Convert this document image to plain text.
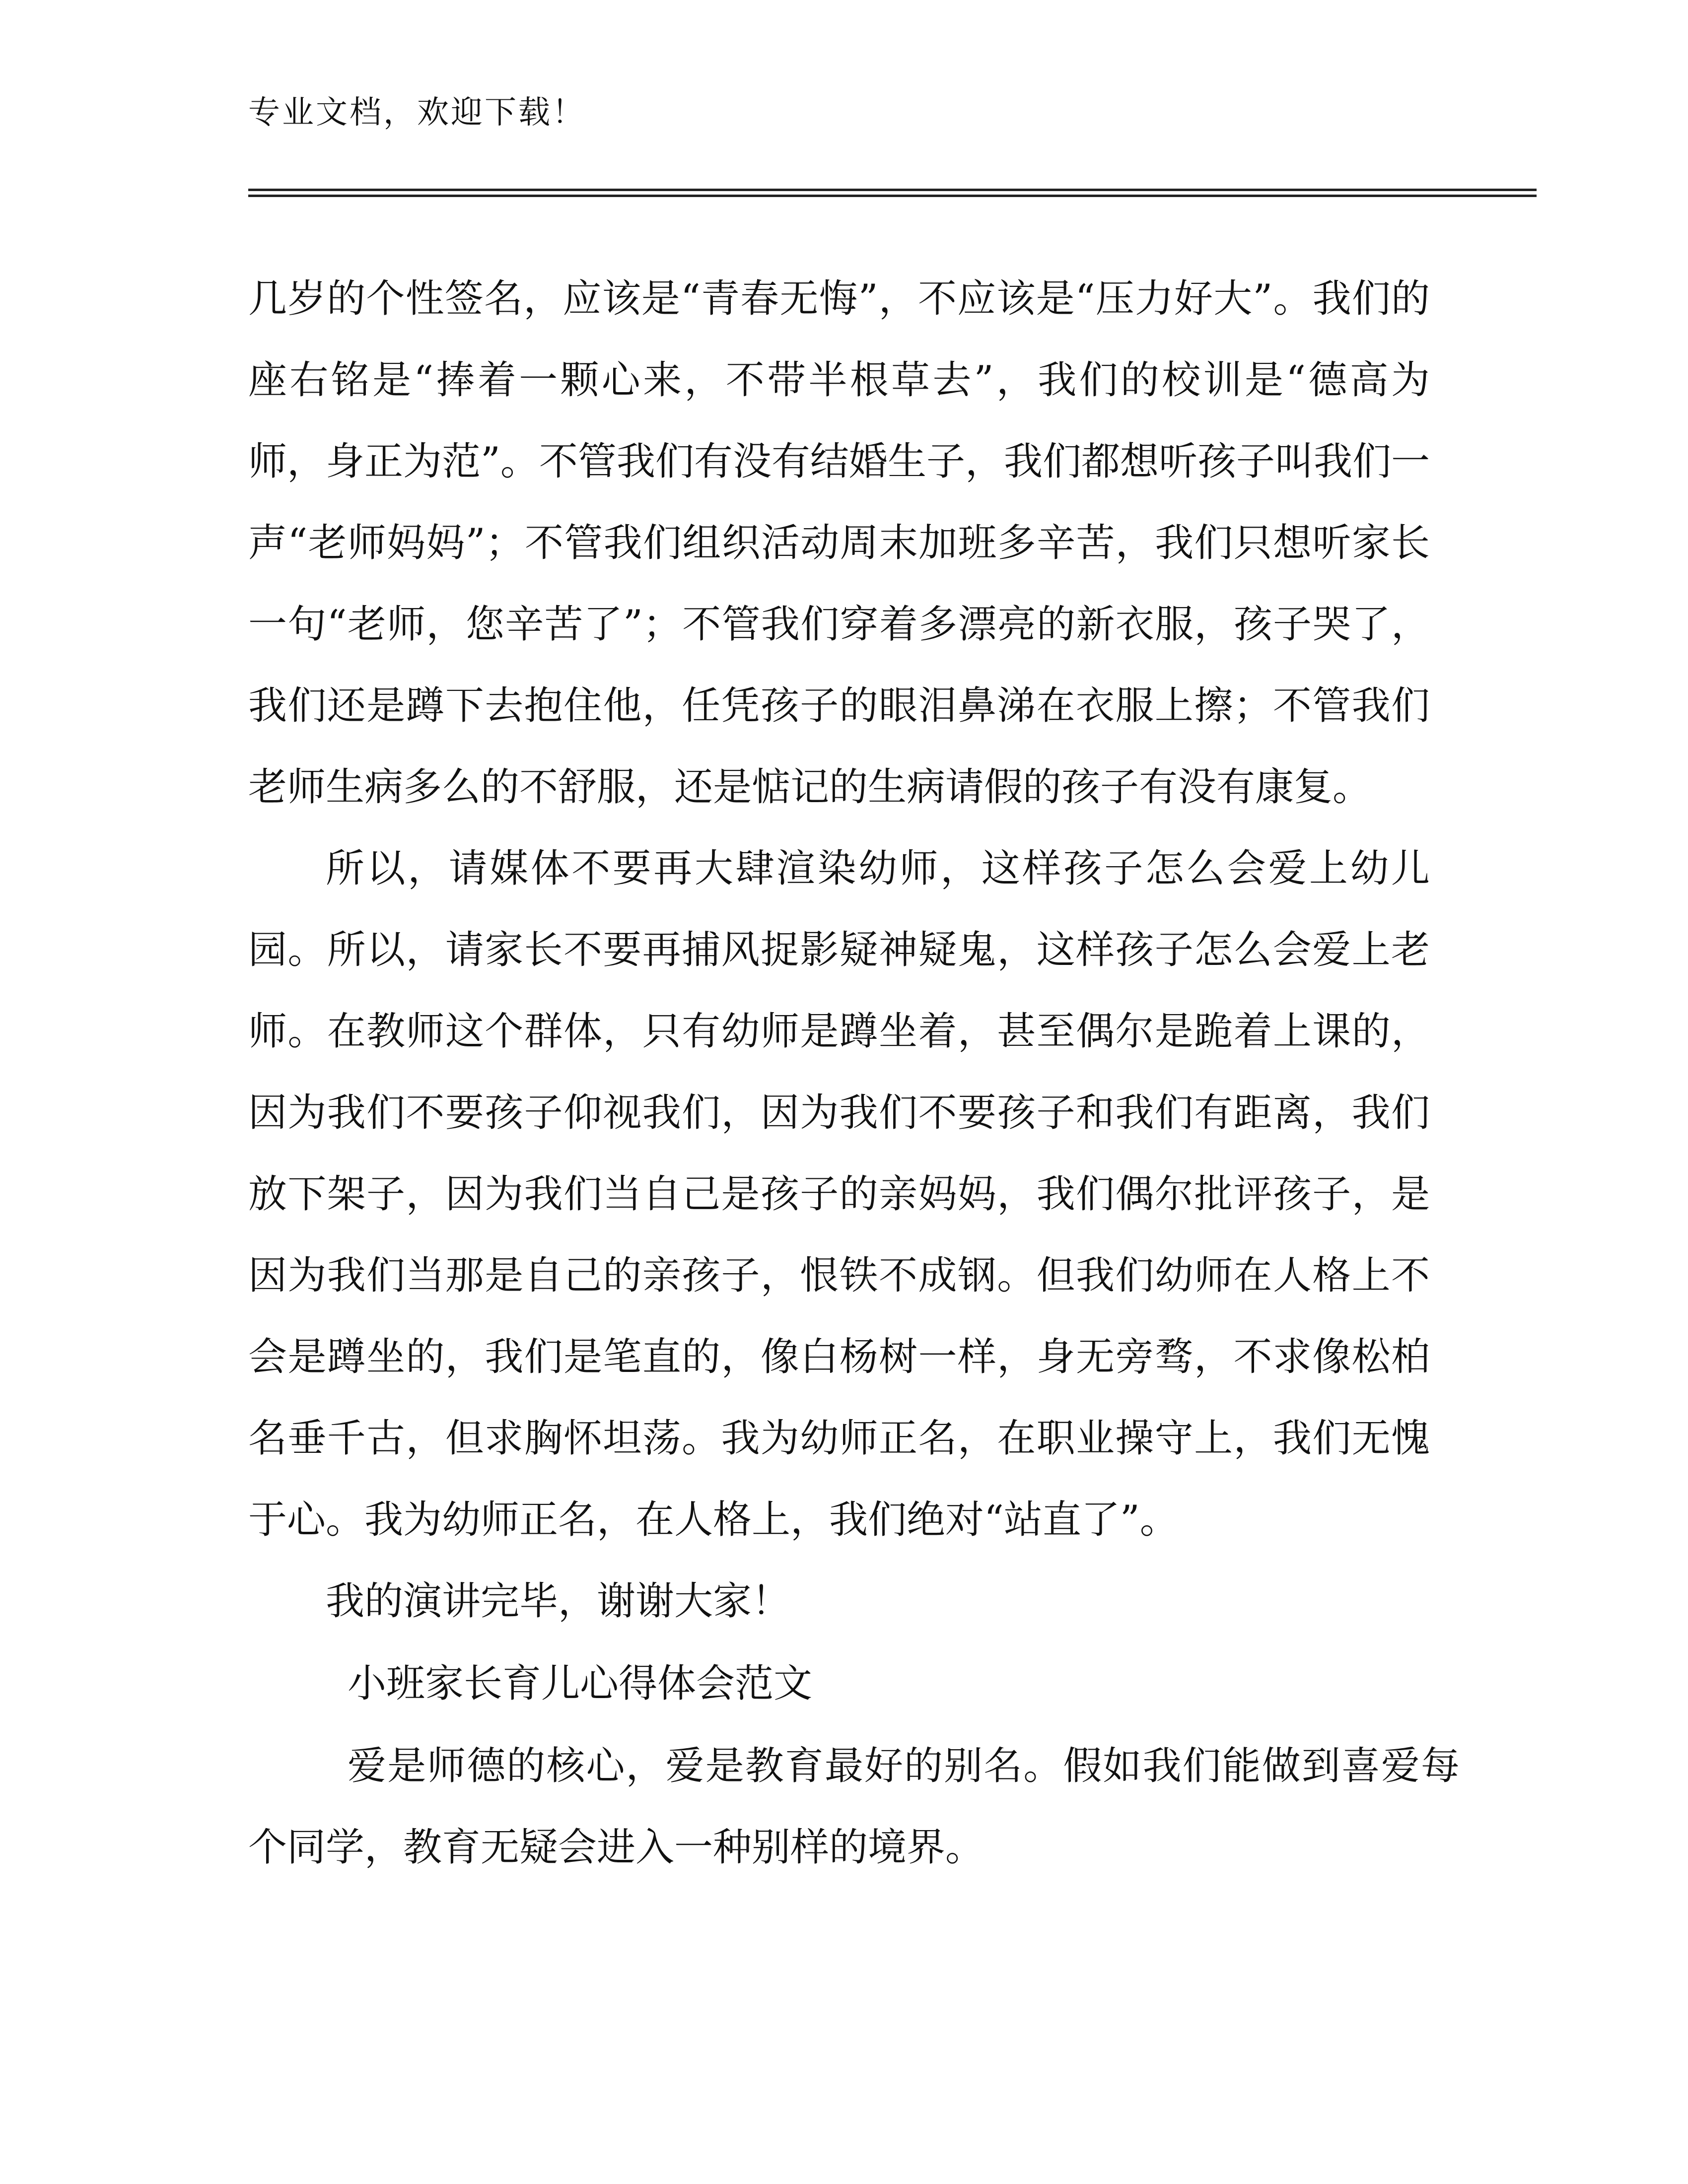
专业文档，欢迎下载！

几岁的个性签名，应该是“青春无悔”，不应该是“压力好大”。我们的座右铭是“捧着一颗心来，不带半根草去”，我们的校训是“德高为师，身正为范”。不管我们有没有结婚生子，我们都想听孩子叫我们一声“老师妈妈”；不管我们组织活动周末加班多辛苦，我们只想听家长一句“老师，您辛苦了”；不管我们穿着多漂亮的新衣服，孩子哭了，我们还是蹲下去抱住他，任凭孩子的眼泪鼻涕在衣服上擦；不管我们老师生病多么的不舒服，还是惦记的生病请假的孩子有没有康复。

所以，请媒体不要再大肆渲染幼师，这样孩子怎么会爱上幼儿园。所以，请家长不要再捕风捉影疑神疑鬼，这样孩子怎么会爱上老师。在教师这个群体，只有幼师是蹲坐着，甚至偶尔是跪着上课的，因为我们不要孩子仰视我们，因为我们不要孩子和我们有距离，我们放下架子，因为我们当自己是孩子的亲妈妈，我们偶尔批评孩子，是因为我们当那是自己的亲孩子，恨铁不成钢。但我们幼师在人格上不会是蹲坐的，我们是笔直的，像白杨树一样，身无旁骛，不求像松柏名垂千古，但求胸怀坦荡。我为幼师正名，在职业操守上，我们无愧于心。我为幼师正名，在人格上，我们绝对“站直了”。

我的演讲完毕，谢谢大家！

小班家长育儿心得体会范文

爱是师德的核心，爱是教育最好的别名。假如我们能做到喜爱每个同学，教育无疑会进入一种别样的境界。
